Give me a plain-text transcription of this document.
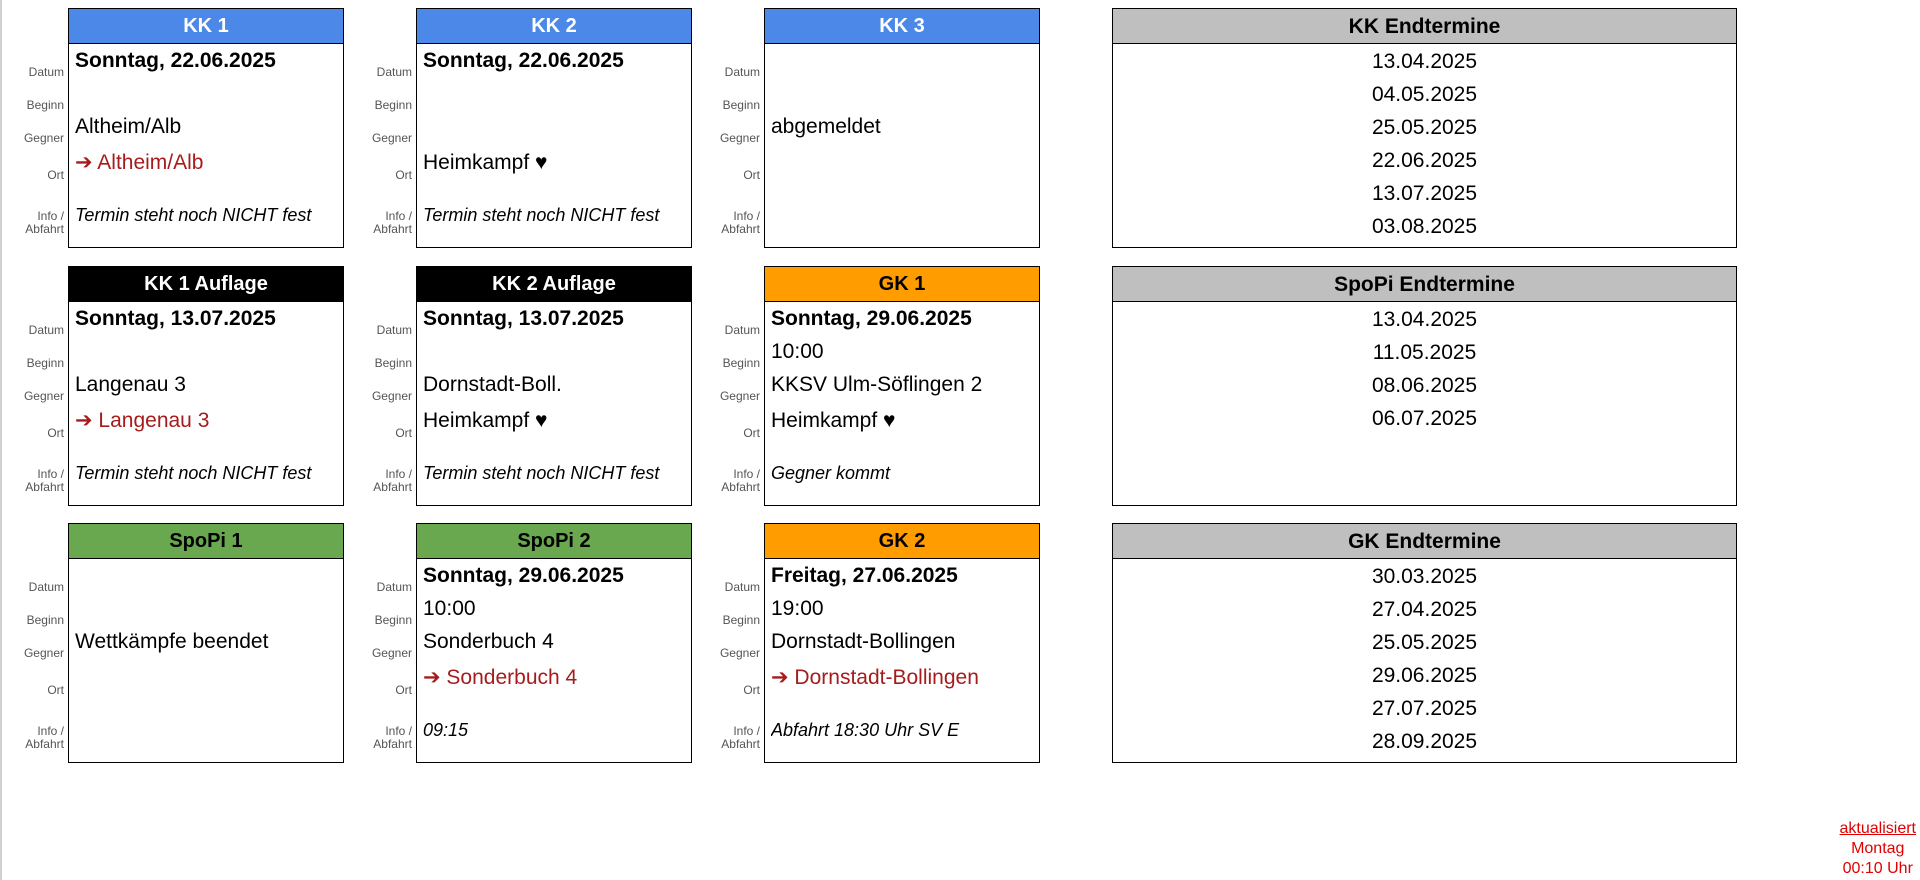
Datum
Beginn
Gegner
Ort
Info /
Abfahrt
KK 1
Sonntag, 22.06.2025
Altheim/Alb
➔ Altheim/Alb
Termin steht noch NICHT fest
Datum
Beginn
Gegner
Ort
Info /
Abfahrt
KK 2
Sonntag, 22.06.2025
Heimkampf ♥
Termin steht noch NICHT fest
Datum
Beginn
Gegner
Ort
Info /
Abfahrt
KK 3
abgemeldet
Datum
Beginn
Gegner
Ort
Info /
Abfahrt
KK 1 Auflage
Sonntag, 13.07.2025
Langenau 3
➔ Langenau 3
Termin steht noch NICHT fest
Datum
Beginn
Gegner
Ort
Info /
Abfahrt
KK 2 Auflage
Sonntag, 13.07.2025
Dornstadt-Boll.
Heimkampf ♥
Termin steht noch NICHT fest
Datum
Beginn
Gegner
Ort
Info /
Abfahrt
GK 1
Sonntag, 29.06.2025
10:00
KKSV Ulm-Söflingen 2
Heimkampf ♥
Gegner kommt
Datum
Beginn
Gegner
Ort
Info /
Abfahrt
SpoPi 1
Wettkämpfe beendet
Datum
Beginn
Gegner
Ort
Info /
Abfahrt
SpoPi 2
Sonntag, 29.06.2025
10:00
Sonderbuch 4
➔ Sonderbuch 4
09:15
Datum
Beginn
Gegner
Ort
Info /
Abfahrt
GK 2
Freitag, 27.06.2025
19:00
Dornstadt-Bollingen
➔ Dornstadt-Bollingen
Abfahrt 18:30 Uhr SV E
KK Endtermine
13.04.2025
04.05.2025
25.05.2025
22.06.2025
13.07.2025
03.08.2025
SpoPi Endtermine
13.04.2025
11.05.2025
08.06.2025
06.07.2025
GK Endtermine
30.03.2025
27.04.2025
25.05.2025
29.06.2025
27.07.2025
28.09.2025
aktualisiert
Montag
00:10 Uhr
